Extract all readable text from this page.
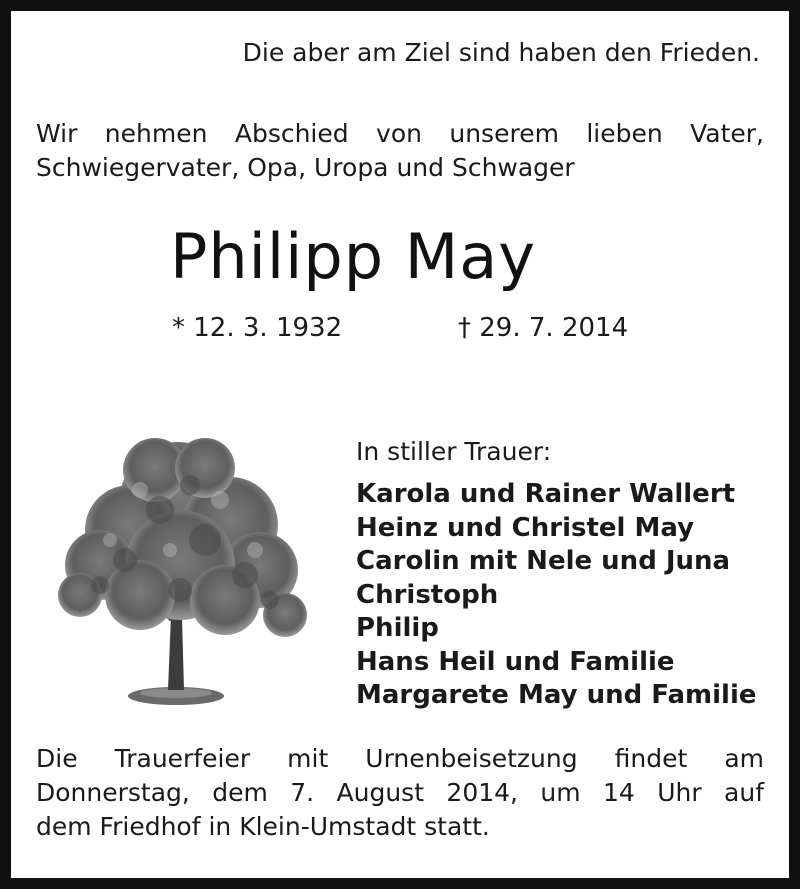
Die aber am Ziel sind haben den Frieden.

Wir nehmen Abschied von unserem lieben Vater,
Schwiegervater, Opa, Uropa und Schwager
Philipp May
* 12. 3. 1932	† 29. 7. 2014

In stiller Trauer:

Karola und Rainer Wallert
Heinz und Christel May
Carolin mit Nele und Juna
Christoph
Philip
Hans Heil und Familie
Margarete May und Familie
Die Trauerfeier mit Urnenbeisetzung findet am
Donnerstag, dem 7. August 2014, um 14 Uhr auf
dem Friedhof in Klein-Umstadt statt.
